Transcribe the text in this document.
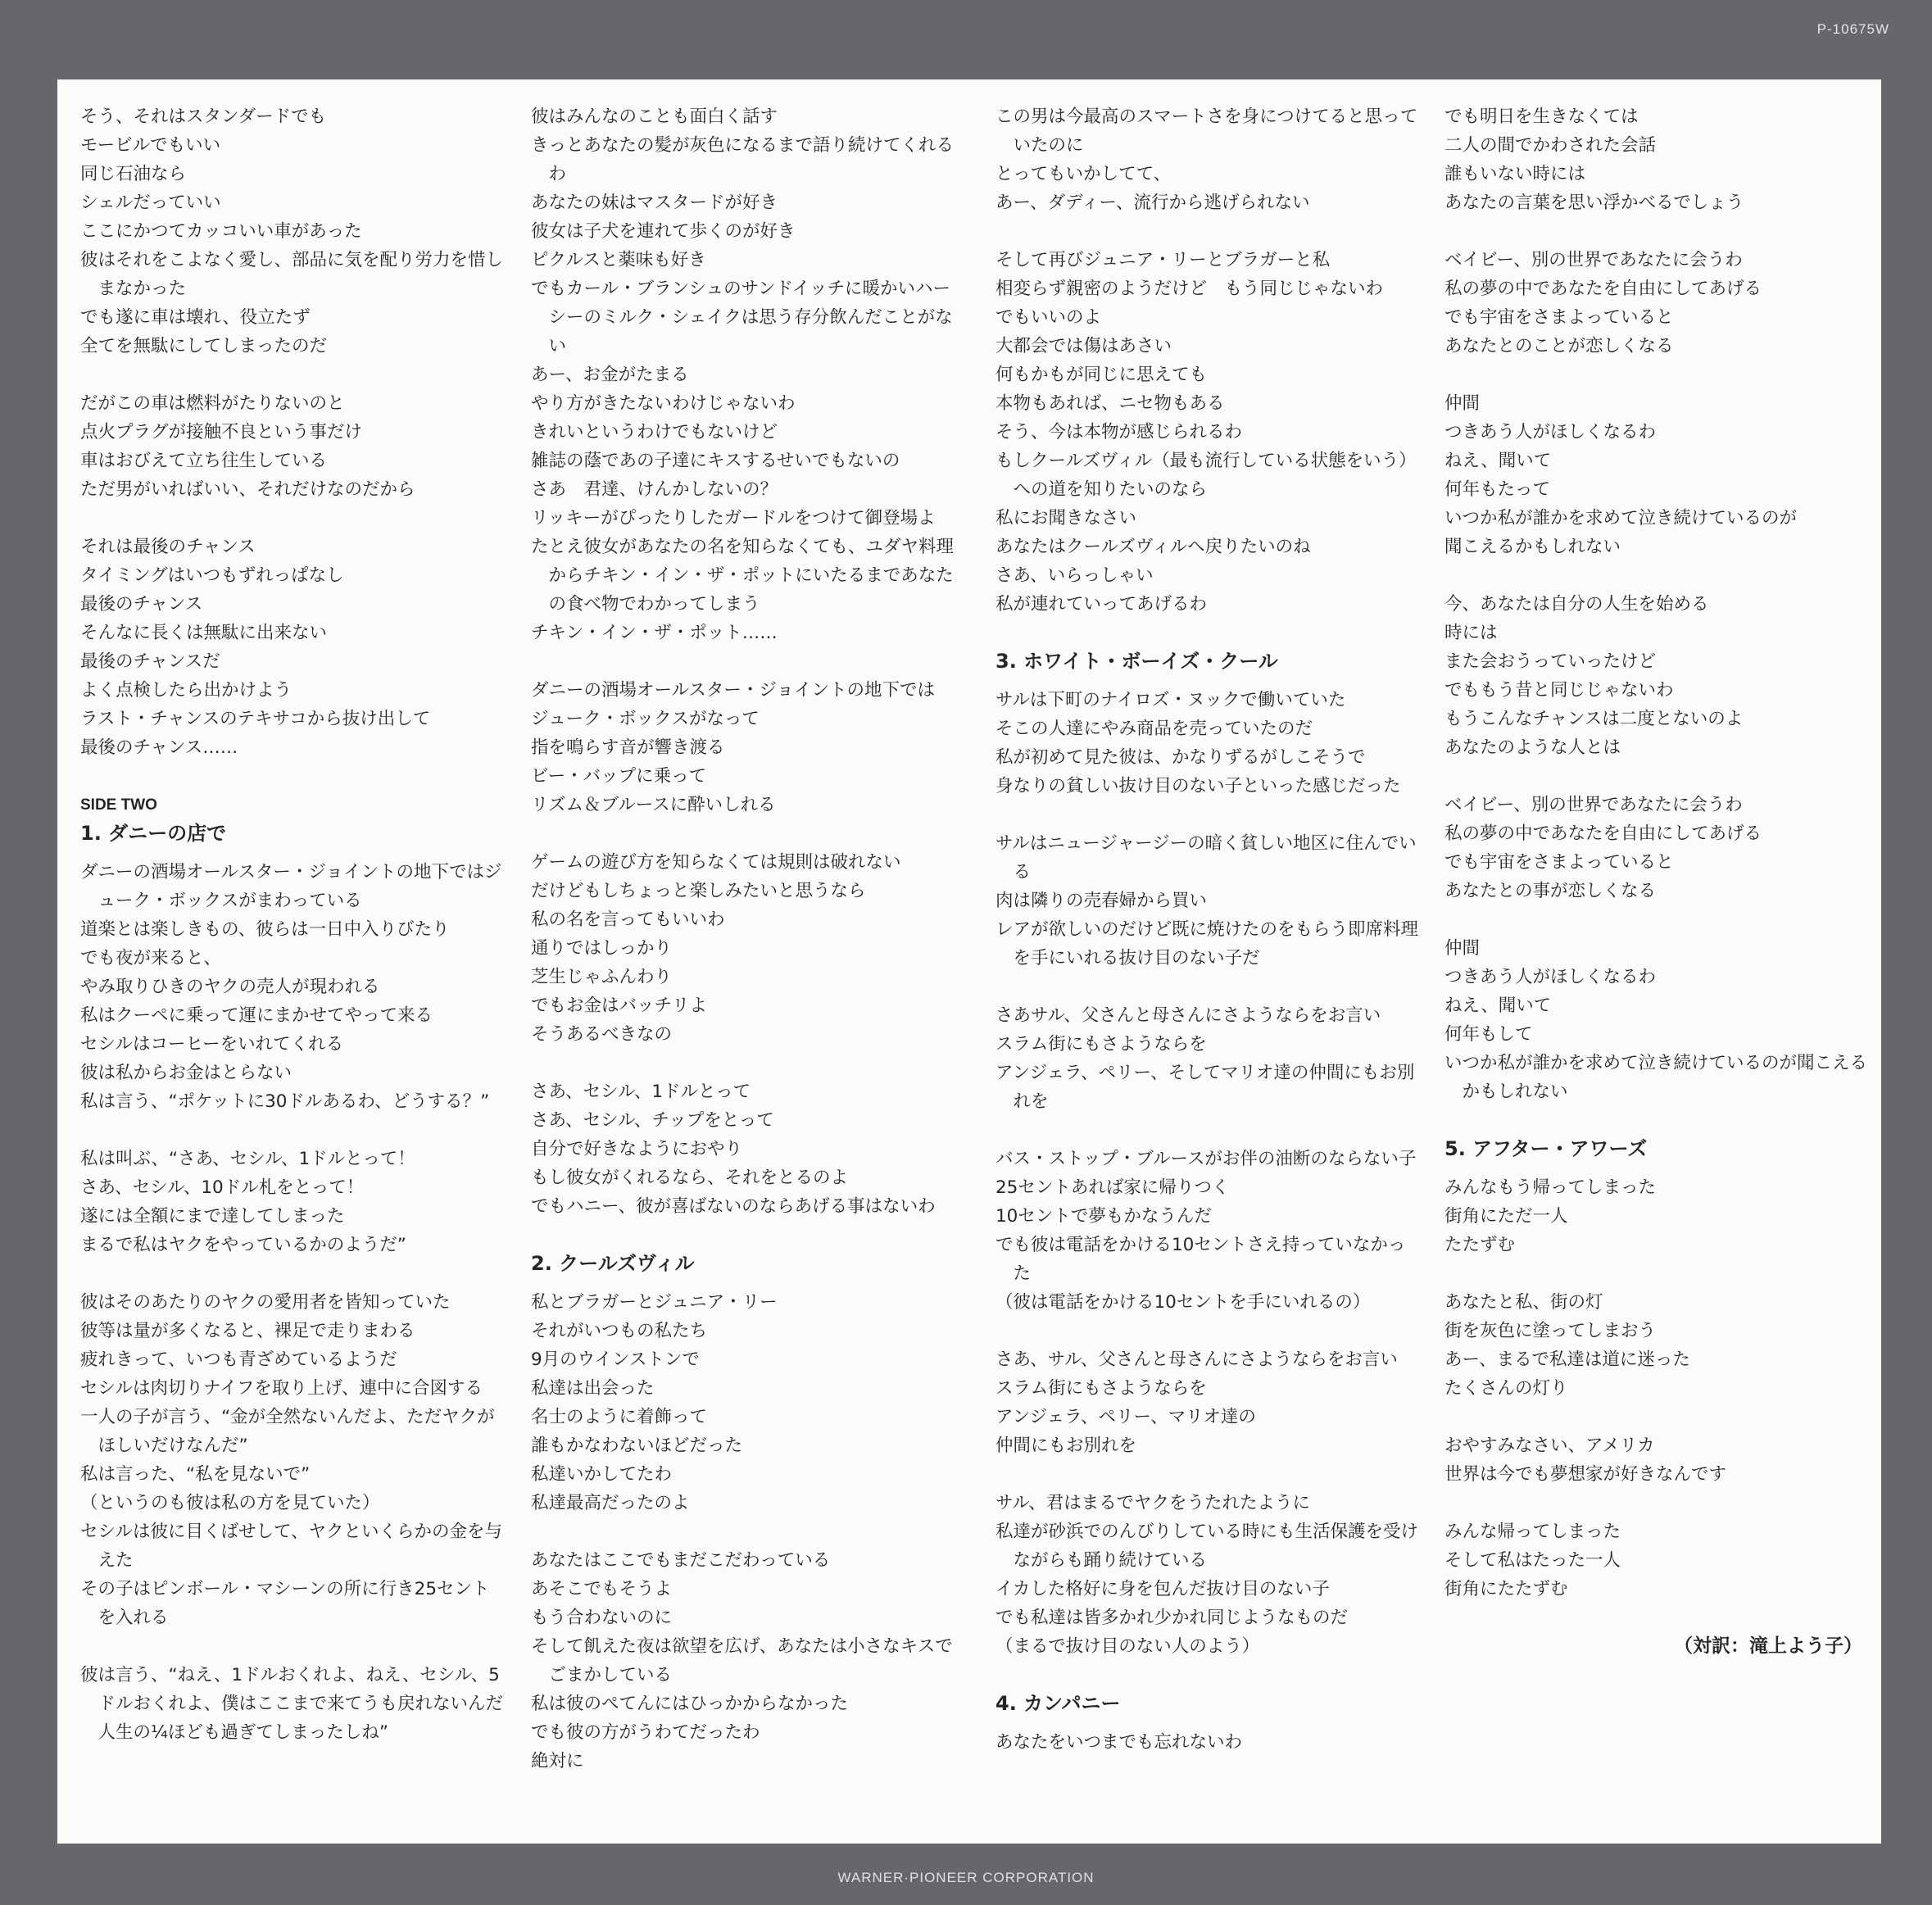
P-10675W
そう、それはスタンダードでも
モービルでもいい
同じ石油なら
シェルだっていい
ここにかつてカッコいい車があった
彼はそれをこよなく愛し、部品に気を配り労力を惜しまなかった
でも遂に車は壊れ、役立たず
全てを無駄にしてしまったのだ
だがこの車は燃料がたりないのと
点火プラグが接触不良という事だけ
車はおびえて立ち往生している
ただ男がいればいい、それだけなのだから
それは最後のチャンス
タイミングはいつもずれっぱなし
最後のチャンス
そんなに長くは無駄に出来ない
最後のチャンスだ
よく点検したら出かけよう
ラスト・チャンスのテキサコから抜け出して
最後のチャンス……
SIDE TWO
1. ダニーの店で
ダニーの酒場オールスター・ジョイントの地下ではジューク・ボックスがまわっている
道楽とは楽しきもの、彼らは一日中入りびたり
でも夜が来ると、
やみ取りひきのヤクの売人が現われる
私はクーペに乗って運にまかせてやって来る
セシルはコーヒーをいれてくれる
彼は私からお金はとらない
私は言う、“ポケットに30ドルあるわ、どうする？”
私は叫ぶ、“さあ、セシル、1ドルとって！
さあ、セシル、10ドル札をとって！
遂には全額にまで達してしまった
まるで私はヤクをやっているかのようだ”
彼はそのあたりのヤクの愛用者を皆知っていた
彼等は量が多くなると、裸足で走りまわる
疲れきって、いつも青ざめているようだ
セシルは肉切りナイフを取り上げ、連中に合図する
一人の子が言う、“金が全然ないんだよ、ただヤクがほしいだけなんだ”
私は言った、“私を見ないで”
（というのも彼は私の方を見ていた）
セシルは彼に目くばせして、ヤクといくらかの金を与えた
その子はピンボール・マシーンの所に行き25セントを入れる
彼は言う、“ねえ、1ドルおくれよ、ねえ、セシル、5ドルおくれよ、僕はここまで来てうも戻れないんだ　人生の¼ほども過ぎてしまったしね”
彼はみんなのことも面白く話す
きっとあなたの髪が灰色になるまで語り続けてくれるわ
あなたの妹はマスタードが好き
彼女は子犬を連れて歩くのが好き
ピクルスと薬味も好き
でもカール・ブランシュのサンドイッチに暖かいハーシーのミルク・シェイクは思う存分飲んだことがない
あー、お金がたまる
やり方がきたないわけじゃないわ
きれいというわけでもないけど
雑誌の蔭であの子達にキスするせいでもないの
さあ　君達、けんかしないの？
リッキーがぴったりしたガードルをつけて御登場よ
たとえ彼女があなたの名を知らなくても、ユダヤ料理からチキン・イン・ザ・ポットにいたるまであなたの食べ物でわかってしまう
チキン・イン・ザ・ポット……
ダニーの酒場オールスター・ジョイントの地下では
ジューク・ボックスがなって
指を鳴らす音が響き渡る
ビー・バップに乗って
リズム＆ブルースに酔いしれる
ゲームの遊び方を知らなくては規則は破れない
だけどもしちょっと楽しみたいと思うなら
私の名を言ってもいいわ
通りではしっかり
芝生じゃふんわり
でもお金はバッチリよ
そうあるべきなの
さあ、セシル、1ドルとって
さあ、セシル、チップをとって
自分で好きなようにおやり
もし彼女がくれるなら、それをとるのよ
でもハニー、彼が喜ばないのならあげる事はないわ
2. クールズヴィル
私とブラガーとジュニア・リー
それがいつもの私たち
9月のウインストンで
私達は出会った
名士のように着飾って
誰もかなわないほどだった
私達いかしてたわ
私達最高だったのよ
あなたはここでもまだこだわっている
あそこでもそうよ
もう合わないのに
そして飢えた夜は欲望を広げ、あなたは小さなキスでごまかしている
私は彼のぺてんにはひっかからなかった
でも彼の方がうわてだったわ
絶対に
この男は今最高のスマートさを身につけてると思っていたのに
とってもいかしてて、
あー、ダディー、流行から逃げられない
そして再びジュニア・リーとブラガーと私
相変らず親密のようだけど　もう同じじゃないわ
でもいいのよ
大都会では傷はあさい
何もかもが同じに思えても
本物もあれば、ニセ物もある
そう、今は本物が感じられるわ
もしクールズヴィル（最も流行している状態をいう）への道を知りたいのなら
私にお聞きなさい
あなたはクールズヴィルへ戻りたいのね
さあ、いらっしゃい
私が連れていってあげるわ
3. ホワイト・ボーイズ・クール
サルは下町のナイロズ・ヌックで働いていた
そこの人達にやみ商品を売っていたのだ
私が初めて見た彼は、かなりずるがしこそうで
身なりの貧しい抜け目のない子といった感じだった
サルはニュージャージーの暗く貧しい地区に住んでいる
肉は隣りの売春婦から買い
レアが欲しいのだけど既に焼けたのをもらう即席料理を手にいれる抜け目のない子だ
さあサル、父さんと母さんにさようならをお言い
スラム街にもさようならを
アンジェラ、ペリー、そしてマリオ達の仲間にもお別れを
バス・ストップ・ブルースがお伴の油断のならない子
25セントあれば家に帰りつく
10セントで夢もかなうんだ
でも彼は電話をかける10セントさえ持っていなかった
（彼は電話をかける10セントを手にいれるの）
さあ、サル、父さんと母さんにさようならをお言い
スラム街にもさようならを
アンジェラ、ペリー、マリオ達の
仲間にもお別れを
サル、君はまるでヤクをうたれたように
私達が砂浜でのんびりしている時にも生活保護を受けながらも踊り続けている
イカした格好に身を包んだ抜け目のない子
でも私達は皆多かれ少かれ同じようなものだ
（まるで抜け目のない人のよう）
4. カンパニー
あなたをいつまでも忘れないわ
でも明日を生きなくては
二人の間でかわされた会話
誰もいない時には
あなたの言葉を思い浮かべるでしょう
ベイビー、別の世界であなたに会うわ
私の夢の中であなたを自由にしてあげる
でも宇宙をさまよっていると
あなたとのことが恋しくなる
仲間
つきあう人がほしくなるわ
ねえ、聞いて
何年もたって
いつか私が誰かを求めて泣き続けているのが
聞こえるかもしれない
今、あなたは自分の人生を始める
時には
また会おうっていったけど
でももう昔と同じじゃないわ
もうこんなチャンスは二度とないのよ
あなたのような人とは
ベイビー、別の世界であなたに会うわ
私の夢の中であなたを自由にしてあげる
でも宇宙をさまよっていると
あなたとの事が恋しくなる
仲間
つきあう人がほしくなるわ
ねえ、聞いて
何年もして
いつか私が誰かを求めて泣き続けているのが聞こえるかもしれない
5. アフター・アワーズ
みんなもう帰ってしまった
街角にただ一人
たたずむ
あなたと私、街の灯
街を灰色に塗ってしまおう
あー、まるで私達は道に迷った
たくさんの灯り
おやすみなさい、アメリカ
世界は今でも夢想家が好きなんです
みんな帰ってしまった
そして私はたった一人
街角にたたずむ
（対訳：滝上よう子）
WARNER·PIONEER CORPORATION
